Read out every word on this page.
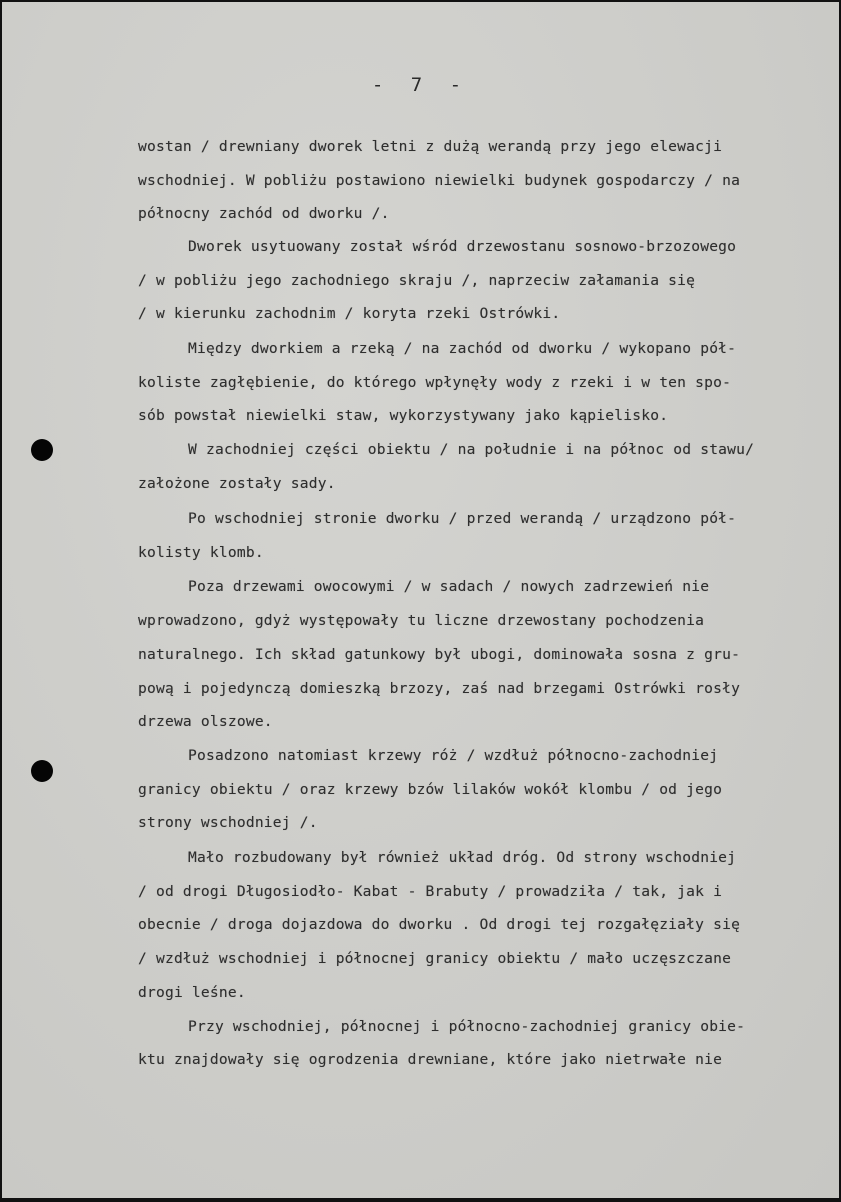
- 7 -
wostan / drewniany dworek letni z dużą werandą przy jego elewacji
wschodniej. W pobliżu postawiono niewielki budynek gospodarczy / na
północny zachód od dworku /.
Dworek usytuowany został wśród drzewostanu sosnowo-brzozowego
/ w pobliżu jego zachodniego skraju /, naprzeciw załamania się
/ w kierunku zachodnim / koryta rzeki Ostrówki.
Między dworkiem a rzeką / na zachód od dworku / wykopano pół-
koliste zagłębienie, do którego wpłynęły wody z rzeki i w ten spo-
sób powstał niewielki staw, wykorzystywany jako kąpielisko.
W zachodniej części obiektu / na południe i na północ od stawu/
założone zostały sady.
Po wschodniej stronie dworku / przed werandą / urządzono pół-
kolisty klomb.
Poza drzewami owocowymi / w sadach / nowych zadrzewień nie
wprowadzono, gdyż występowały tu liczne drzewostany pochodzenia
naturalnego. Ich skład gatunkowy był ubogi, dominowała sosna z gru-
pową i pojedynczą domieszką brzozy, zaś nad brzegami Ostrówki rosły
drzewa olszowe.
Posadzono natomiast krzewy róż / wzdłuż północno-zachodniej
granicy obiektu / oraz krzewy bzów lilaków wokół klombu / od jego
strony wschodniej /.
Mało rozbudowany był również układ dróg. Od strony wschodniej
/ od drogi Długosiodło- Kabat - Brabuty / prowadziła / tak, jak i
obecnie / droga dojazdowa do dworku . Od drogi tej rozgałęziały się
/ wzdłuż wschodniej i północnej granicy obiektu / mało uczęszczane
drogi leśne.
Przy wschodniej, północnej i północno-zachodniej granicy obie-
ktu znajdowały się ogrodzenia drewniane, które jako nietrwałe nie
